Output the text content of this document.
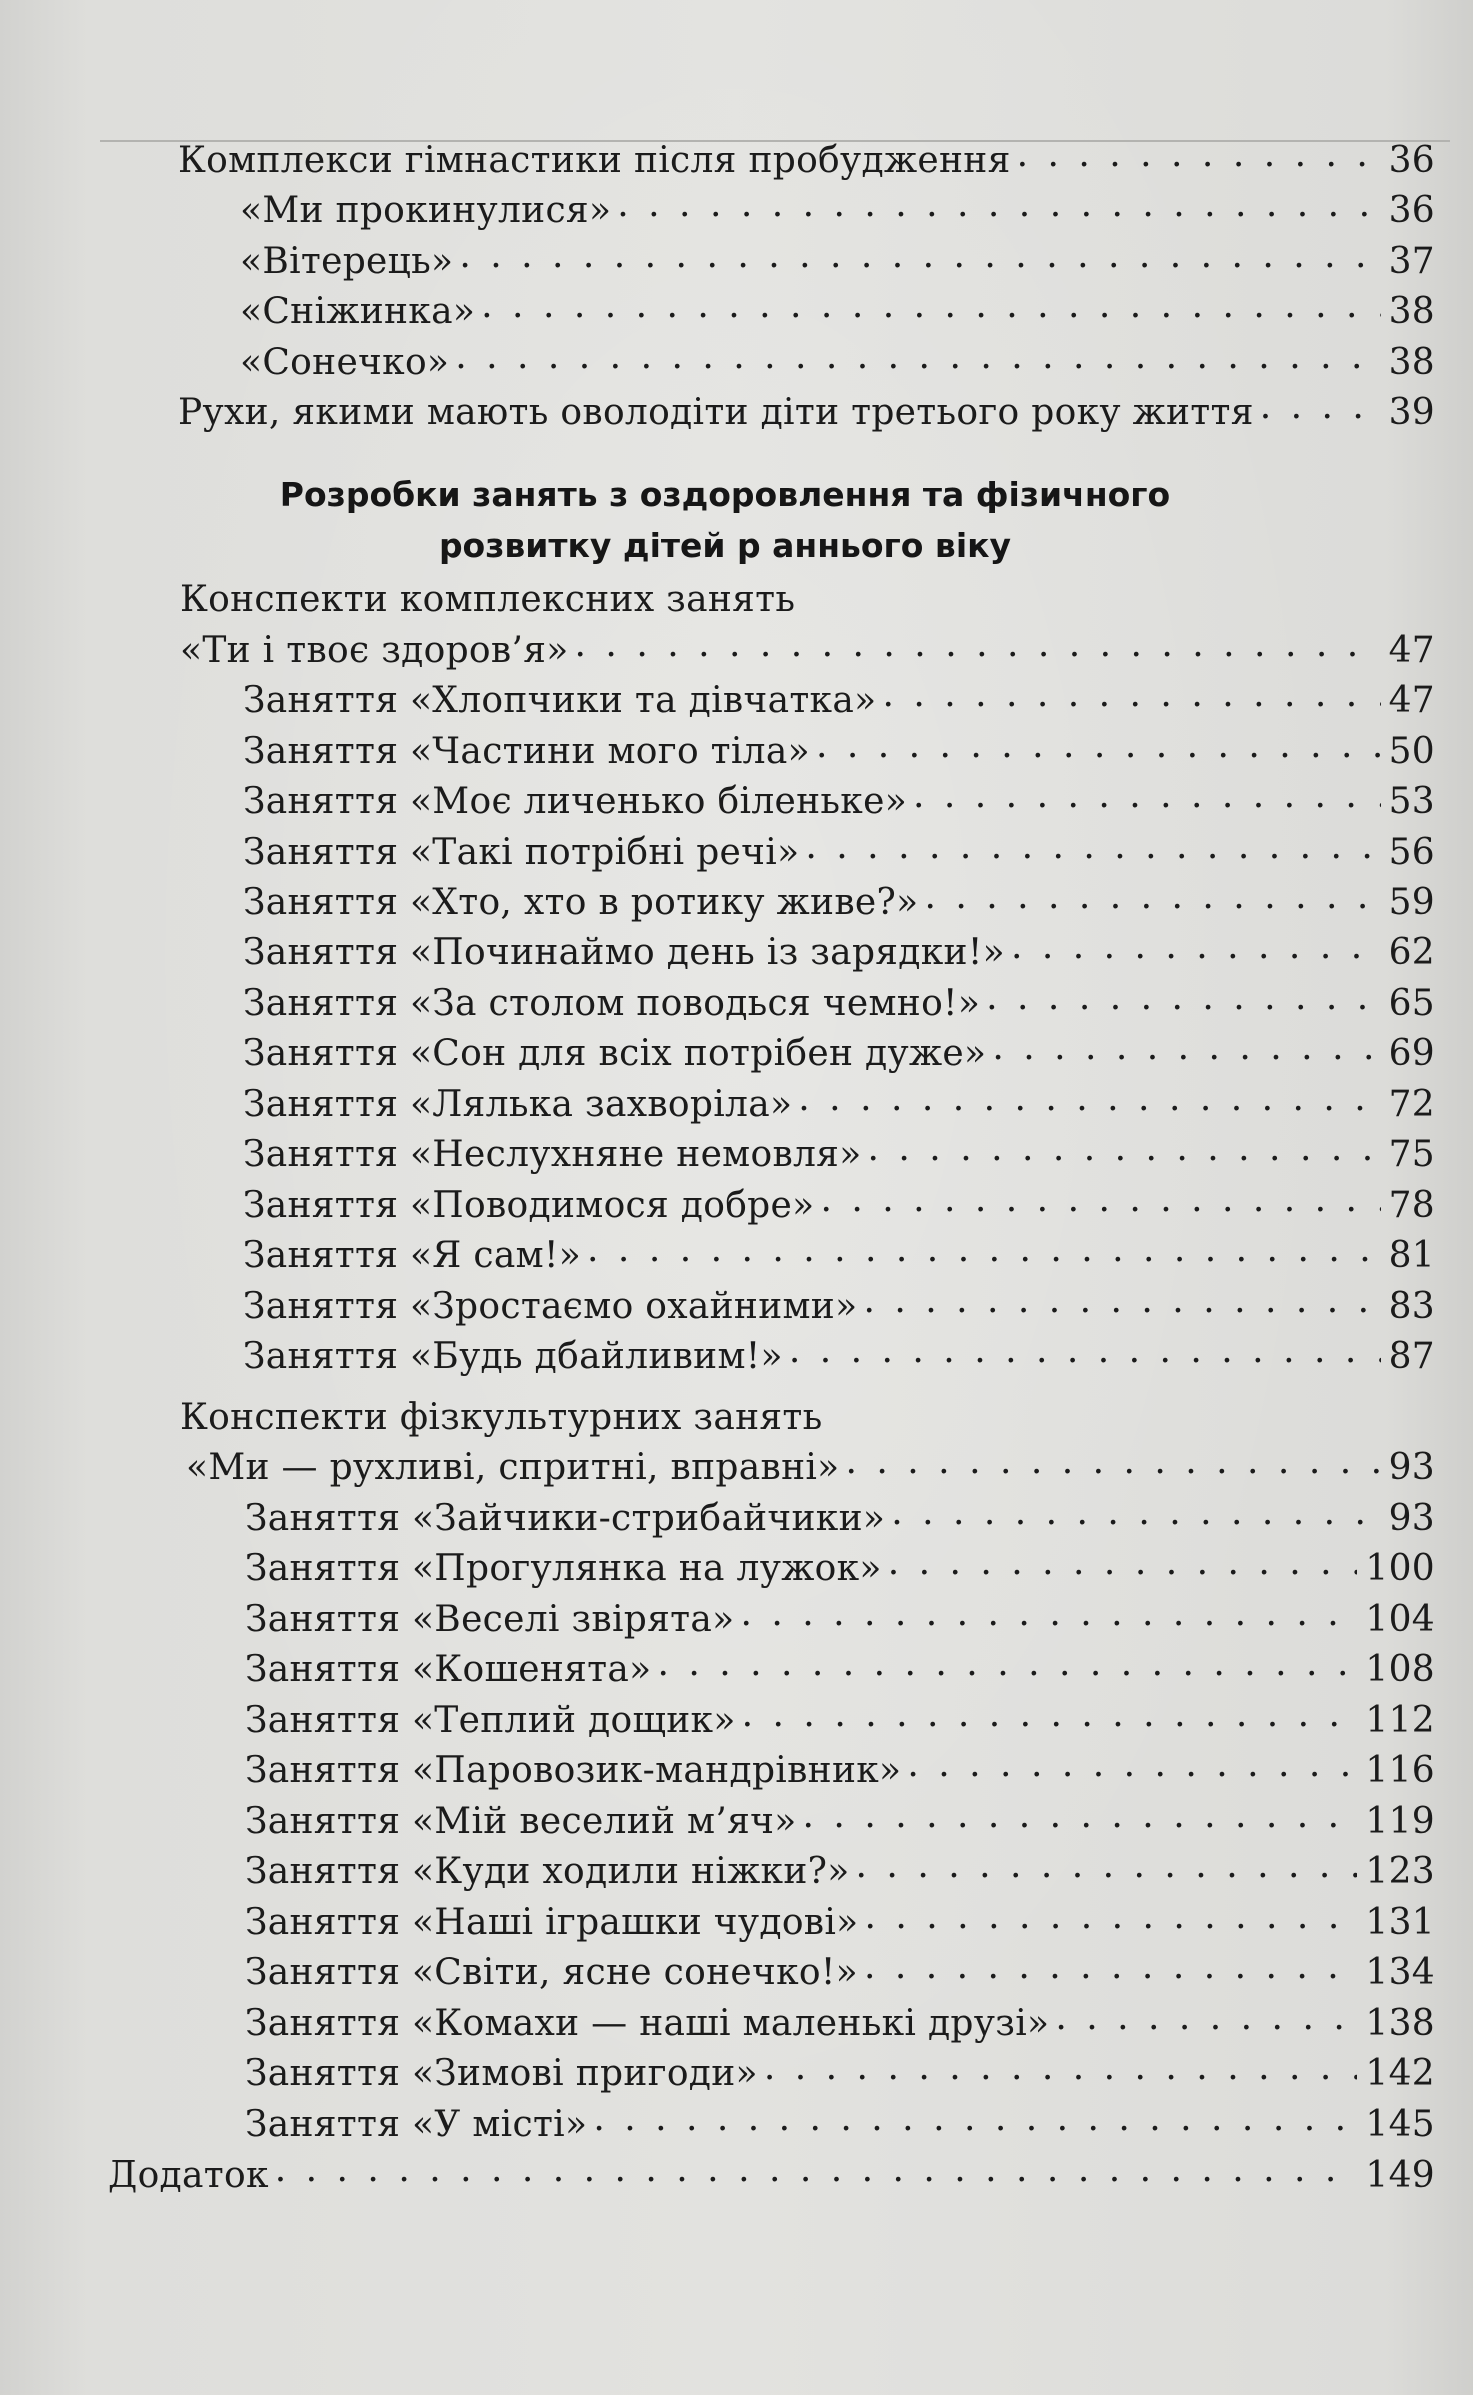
Комплекси гімнастики після пробудження . . .	36
«Ми прокинулися» . . .	36
«Вітерець» . . .	37
«Сніжинка» . . .	38
«Сонечко» . . .	38
Рухи, якими мають оволодіти діти третього року життя . . .	39
Розробки занять з оздоровлення та фізичного
розвитку дітей р аннього віку
Конспекти комплексних занять
«Ти і твоє здоров’я» . . .	47
Заняття «Хлопчики та дівчатка» . . .	47
Заняття «Частини мого тіла» . . .	50
Заняття «Моє личенько біленьке» . . .	53
Заняття «Такі потрібні речі» . . .	56
Заняття «Хто, хто в ротику живе?» . . .	59
Заняття «Починаймо день із зарядки!» . . .	62
Заняття «За столом поводься чемно!» . . .	65
Заняття «Сон для всіх потрібен дуже» . . .	69
Заняття «Лялька захворіла» . . .	72
Заняття «Неслухняне немовля» . . .	75
Заняття «Поводимося добре» . . .	78
Заняття «Я сам!» . . .	81
Заняття «Зростаємо охайними» . . .	83
Заняття «Будь дбайливим!» . . .	87
Конспекти фізкультурних занять
«Ми — рухливі, спритні, вправні» . . .	93
Заняття «Зайчики-стрибайчики» . . .	93
Заняття «Прогулянка на лужок» . . .	100
Заняття «Веселі звірята» . . .	104
Заняття «Кошенята» . . .	108
Заняття «Теплий дощик» . . .	112
Заняття «Паровозик-мандрівник» . . .	116
Заняття «Мій веселий м’яч» . . .	119
Заняття «Куди ходили ніжки?» . . .	123
Заняття «Наші іграшки чудові» . . .	131
Заняття «Світи, ясне сонечко!» . . .	134
Заняття «Комахи — наші маленькі друзі» . . .	138
Заняття «Зимові пригоди» . . .	142
Заняття «У місті» . . .	145
Додаток . . .	149
